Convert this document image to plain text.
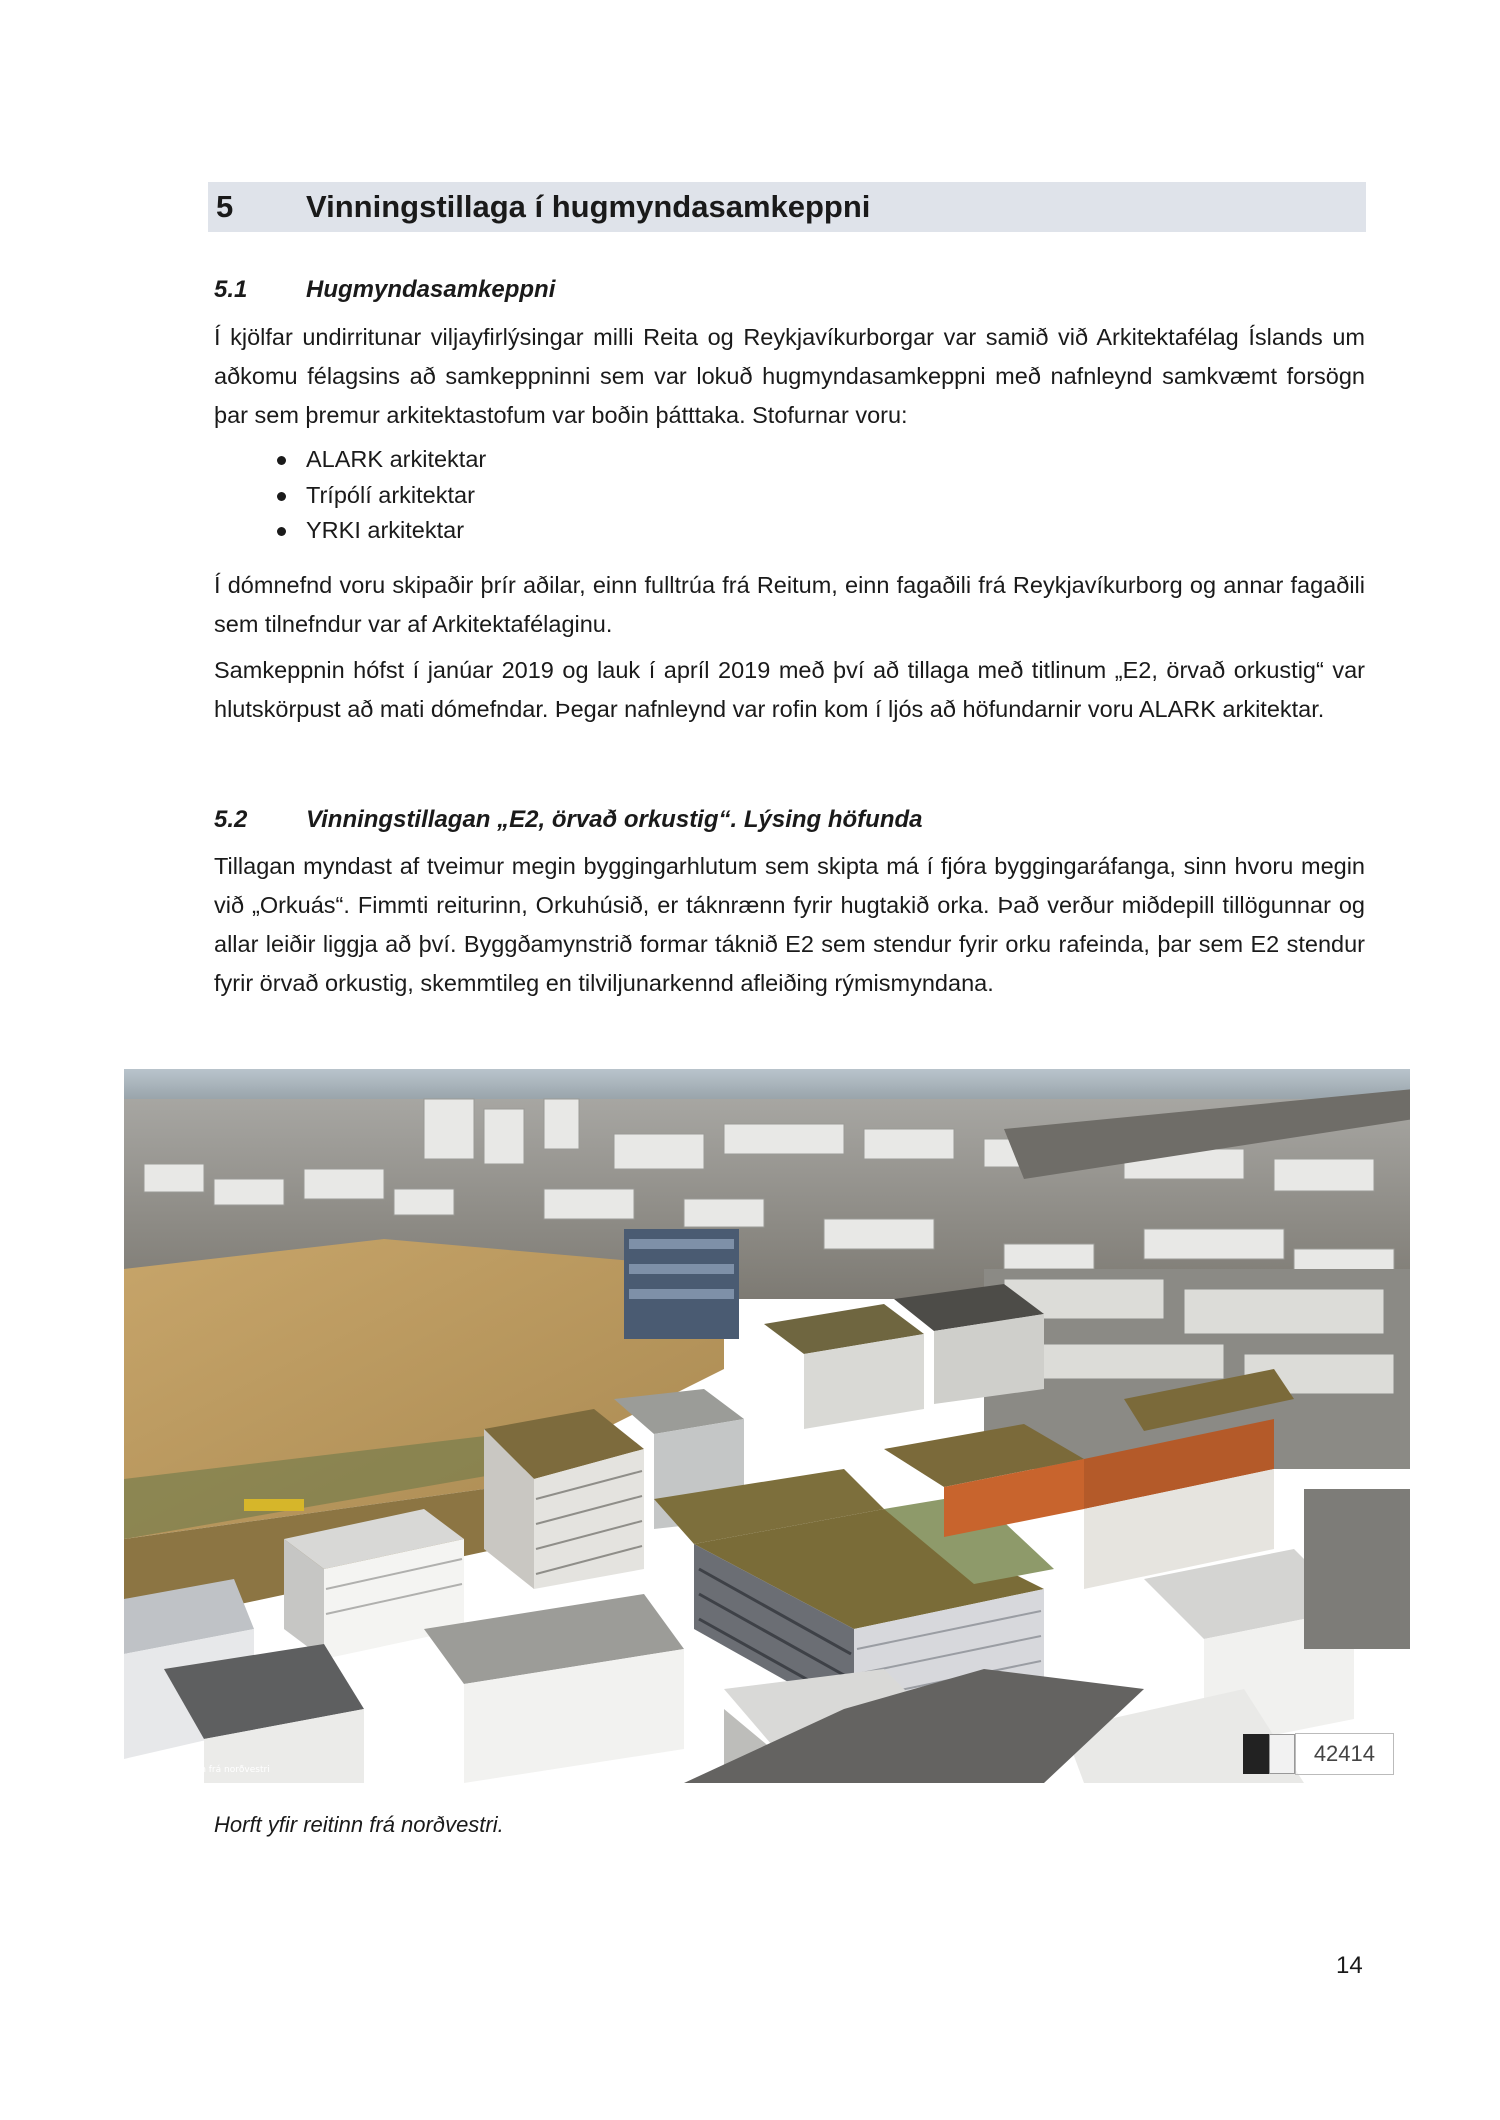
5 Vinningstillaga í hugmyndasamkeppni
5.1 Hugmyndasamkeppni

Í kjölfar undirritunar viljayfirlýsingar milli Reita og Reykjavíkurborgar var samið við Arkitektafélag Íslands um aðkomu félagsins að samkeppninni sem var lokuð hugmyndasamkeppni með nafnleynd samkvæmt forsögn þar sem þremur arkitektastofum var boðin þátttaka. Stofurnar voru:

ALARK arkitektar
Trípólí arkitektar
YRKI arkitektar

Í dómnefnd voru skipaðir þrír aðilar, einn fulltrúa frá Reitum, einn fagaðili frá Reykjavíkurborg og annar fagaðili sem tilnefndur var af Arkitektafélaginu.

Samkeppnin hófst í janúar 2019 og lauk í apríl 2019 með því að tillaga með titlinum „E2, örvað orkustig“ var hlutskörpust að mati dómefndar. Þegar nafnleynd var rofin kom í ljós að höfundarnir voru ALARK arkitektar.

5.2 Vinningstillagan „E2, örvað orkustig“. Lýsing höfunda

Tillagan myndast af tveimur megin byggingarhlutum sem skipta má í fjóra byggingaráfanga, sinn hvoru megin við „Orkuás“. Fimmti reiturinn, Orkuhúsið, er táknrænn fyrir hugtakið orka. Það verður miðdepill tillögunnar og allar leiðir liggja að því. Byggðamynstrið formar táknið E2 sem stendur fyrir orku rafeinda, þar sem E2 stendur fyrir örvað orkustig, skemmtileg en tilviljunarkennd afleiðing rýmismyndana.

Horft yfir reitinn frá norðvestri
42414
Horft yfir reitinn frá norðvestri.
14
